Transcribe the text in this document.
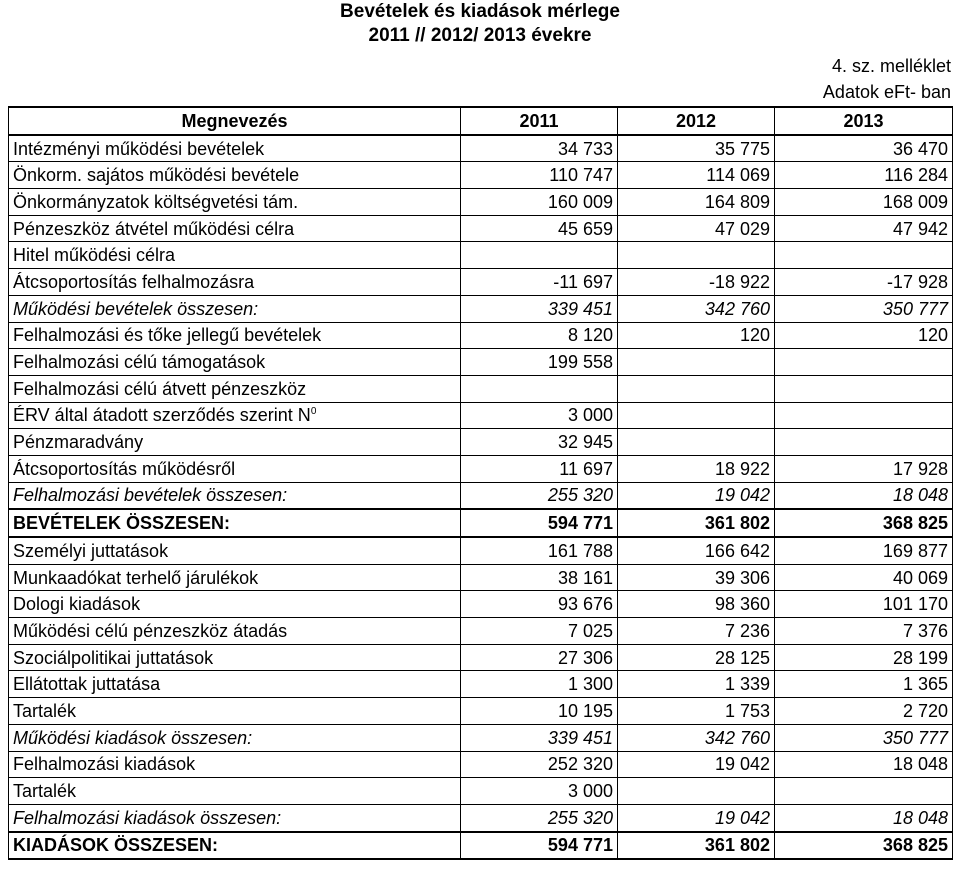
Bevételek és kiadások mérlege
2011 // 2012/ 2013 évekre
4. sz. melléklet
Adatok eFt- ban
Megnevezés	2011	2012	2013
Intézményi működési bevételek	34 733	35 775	36 470
Önkorm. sajátos működési bevétele	110 747	114 069	116 284
Önkormányzatok költségvetési tám.	160 009	164 809	168 009
Pénzeszköz átvétel működési célra	45 659	47 029	47 942
Hitel működési célra			
Átcsoportosítás felhalmozásra	-11 697	-18 922	-17 928
Működési bevételek összesen:	339 451	342 760	350 777
Felhalmozási és tőke jellegű bevételek	8 120	120	120
Felhalmozási célú támogatások	199 558		
Felhalmozási célú átvett pénzeszköz			
ÉRV által átadott szerződés szerint $N^0$	3 000		
Pénzmaradvány	32 945		
Átcsoportosítás működésről	11 697	18 922	17 928
Felhalmozási bevételek összesen:	255 320	19 042	18 048
BEVÉTELEK ÖSSZESEN:	594 771	361 802	368 825
Személyi juttatások	161 788	166 642	169 877
Munkaadókat terhelő járulékok	38 161	39 306	40 069
Dologi kiadások	93 676	98 360	101 170
Működési célú pénzeszköz átadás	7 025	7 236	7 376
Szociálpolitikai juttatások	27 306	28 125	28 199
Ellátottak juttatása	1 300	1 339	1 365
Tartalék	10 195	1 753	2 720
Működési kiadások összesen:	339 451	342 760	350 777
Felhalmozási kiadások	252 320	19 042	18 048
Tartalék	3 000		
Felhalmozási kiadások összesen:	255 320	19 042	18 048
KIADÁSOK ÖSSZESEN:	594 771	361 802	368 825
